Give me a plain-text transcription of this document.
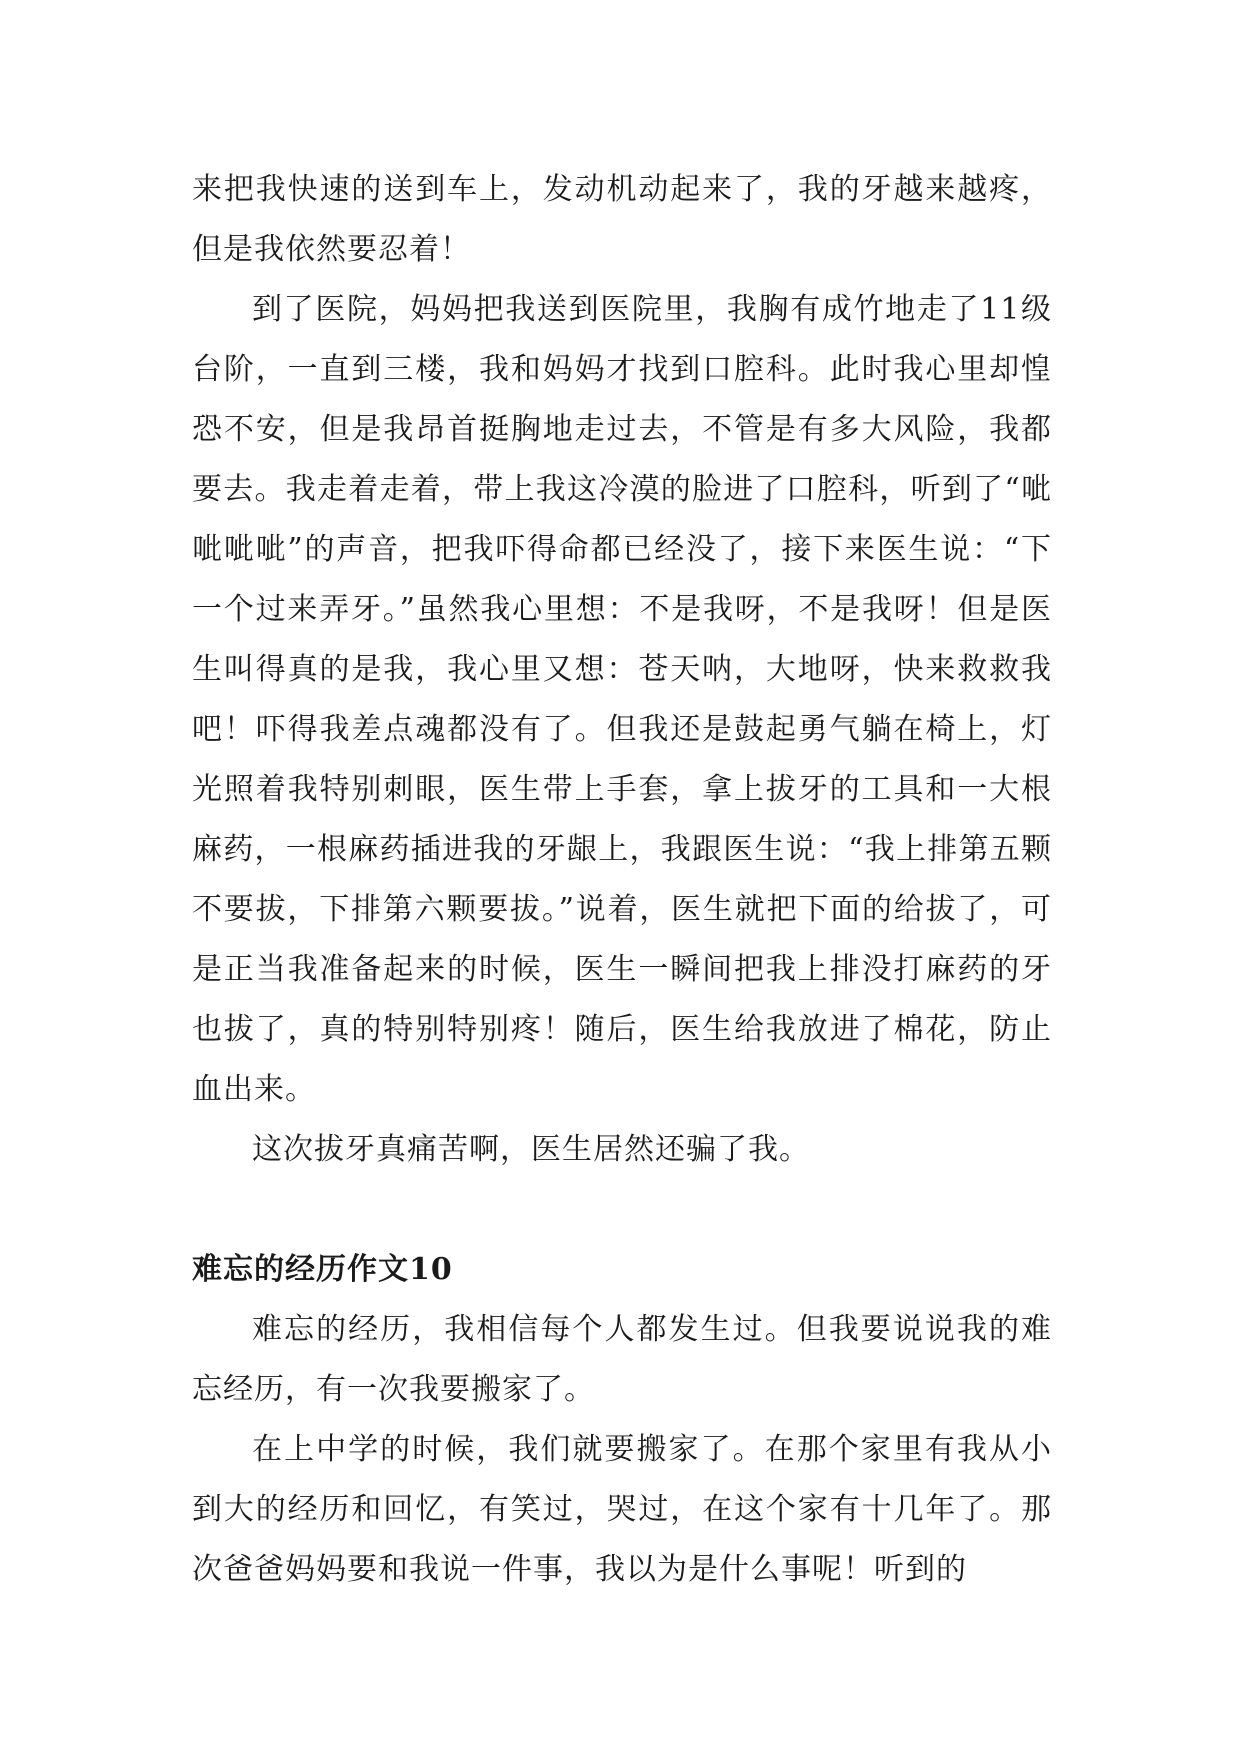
来把我快速的送到车上，发动机动起来了，我的牙越来越疼，但是我依然要忍着！

到了医院，妈妈把我送到医院里，我胸有成竹地走了11级台阶，一直到三楼，我和妈妈才找到口腔科。此时我心里却惶恐不安，但是我昂首挺胸地走过去，不管是有多大风险，我都要去。我走着走着，带上我这冷漠的脸进了口腔科，听到了“呲呲呲呲”的声音，把我吓得命都已经没了，接下来医生说：“下一个过来弄牙。”虽然我心里想：不是我呀，不是我呀！但是医生叫得真的是我，我心里又想：苍天呐，大地呀，快来救救我吧！吓得我差点魂都没有了。但我还是鼓起勇气躺在椅上，灯光照着我特别刺眼，医生带上手套，拿上拔牙的工具和一大根麻药，一根麻药插进我的牙龈上，我跟医生说：“我上排第五颗不要拔，下排第六颗要拔。”说着，医生就把下面的给拔了，可是正当我准备起来的时候，医生一瞬间把我上排没打麻药的牙也拔了，真的特别特别疼！随后，医生给我放进了棉花，防止血出来。

这次拔牙真痛苦啊，医生居然还骗了我。

难忘的经历作文10

难忘的经历，我相信每个人都发生过。但我要说说我的难忘经历，有一次我要搬家了。

在上中学的时候，我们就要搬家了。在那个家里有我从小到大的经历和回忆，有笑过，哭过，在这个家有十几年了。那次爸爸妈妈要和我说一件事，我以为是什么事呢！听到的
